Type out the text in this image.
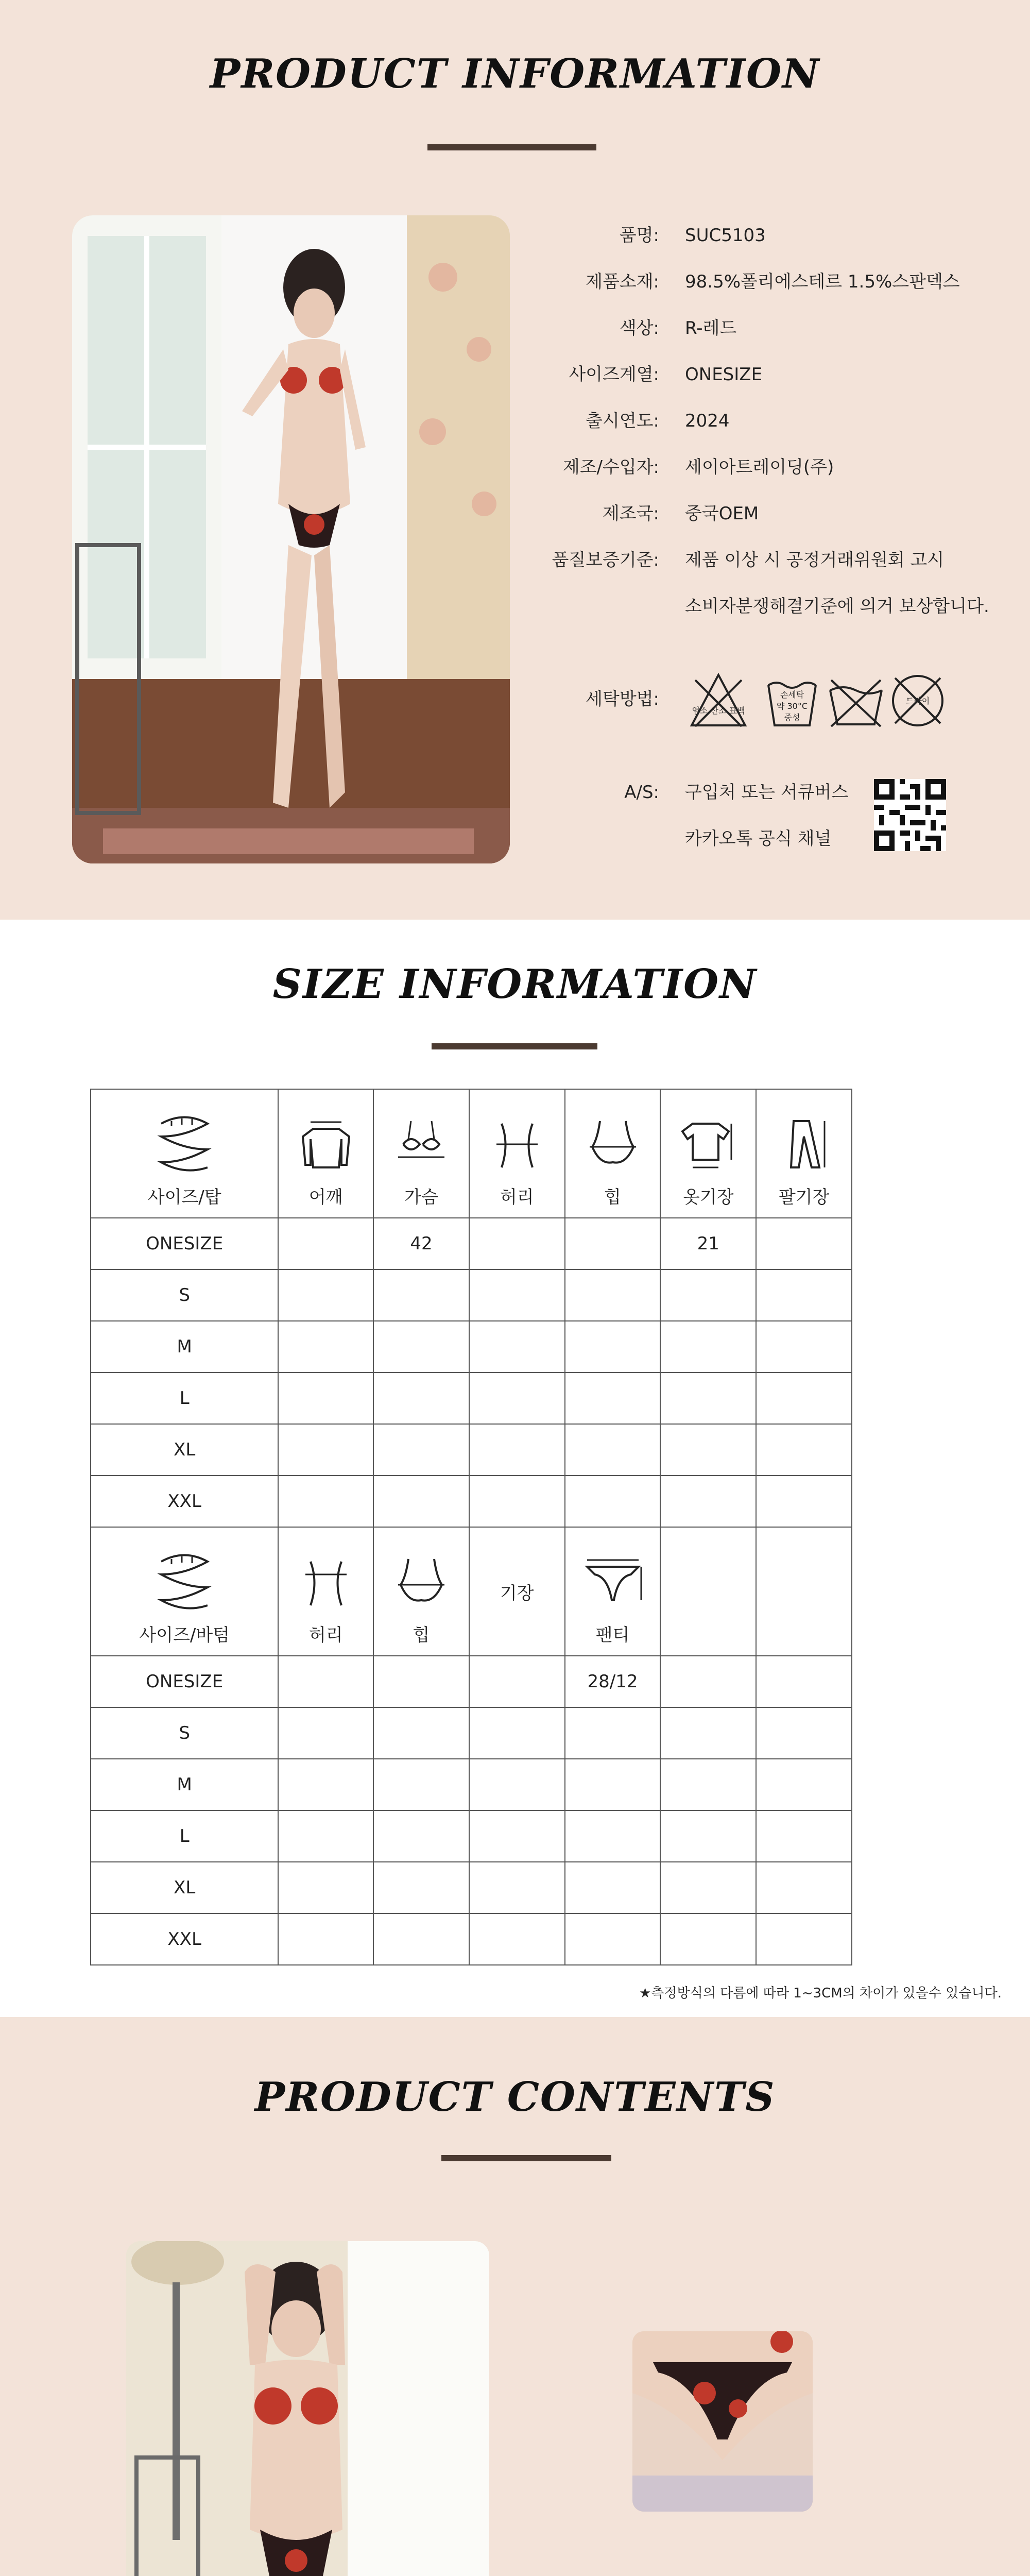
PRODUCT INFORMATION
품명: SUC5103
제품소재: 98.5%폴리에스테르 1.5%스판덱스
색상: R-레드
사이즈계열: ONESIZE
출시연도: 2024
제조/수입자: 세이아트레이딩(주)
제조국: 중국OEM
품질보증기준: 제품 이상 시 공정거래위원회 고시
소비자분쟁해결기준에 의거 보상합니다.
세탁방법:
염소 산소 표백
손세탁
약 30°C
중성
드라이
A/S: 구입처 또는 서큐버스
카카오톡 공식 채널
SIZE INFORMATION
사이즈/탑	어깨	가슴	허리	힙	옷기장	팔기장

ONESIZE		42			21	
S						
M						
L						
XL						
XXL						

사이즈/바텀	허리	힙	기장	팬티		

ONESIZE				28/12		
S						
M						
L						
XL						
XXL						
★측정방식의 다름에 따라 1~3CM의 차이가 있을수 있습니다.
PRODUCT CONTENTS
